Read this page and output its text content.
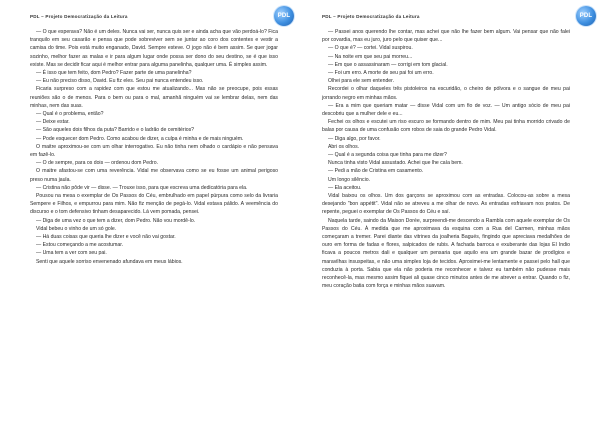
PDL – Projeto Democratização da Leitura	PDL

— O que esperava? Não é um deles. Nunca vai ser, nunca quis ser e ainda acha que vão perdoá-lo? Fica tranquilo em seu casarão e pensa que pode sobreviver sem se juntar ao coro dos contentes e vestir a camisa do time. Pois está muito enganado, David. Sempre esteve. O jogo não é bem assim. Se quer jogar sozinho, melhor fazer as malas e ir para algum lugar onde possa ser dono do seu destino, se é que isso existe. Mas se decidir ficar aqui é melhor entrar para alguma panelinha, qualquer uma. É simples assim.

— É isso que tem feito, dom Pedro? Fazer parte de uma panelinha?

— Eu não preciso disso, David. Eu fiz eles. Seu pai nunca entendeu isso.

Ficaria surpreso com a rapidez com que estou me atualizando... Mas não se preocupe, pois essas reuniões são o de menos. Para o bem ou para o mal, amanhã ninguém vai se lembrar delas, nem das minhas, nem das suas.

— Qual é o problema, então?

— Deixe estar.

— São aqueles dois filhos da puta? Barrido e o ladrão de cemitérios?

— Pode esquecer dom Pedro. Como acabou de dizer, a culpa é minha e de mais ninguém.

O maitre aproximou-se com um olhar interrogativo. Eu não tinha nem olhado o cardápio e não pensava em fazê-lo.

— O de sempre, para os dois — ordenou dom Pedro.

O maitre afastou-se com uma reverência. Vidal me observava como se eu fosse um animal perigoso preso numa jaula.

— Cristina não pôde vir — disse. — Trouxe isso, para que escreva uma dedicatória para ela.

Pousou na mesa o exemplar de Os Passos do Céu, embrulhado em papel púrpura como selo da livraria Sempere e Filhos, e empurrou para mim. Não fiz menção de pegá-lo. Vidal estava pálido. A veemência do discurso e o tom defensivo tinham desaparecido. Lá vem pomada, pensei.

— Diga de uma vez o que tem a dizer, dom Pedro. Não vou mordê-lo.

Vidal bebeu o vinho de um só gole.

— Há duas coisas que queria lhe dizer e você não vai gostar.

— Estou começando a me acostumar.

— Uma tem a ver com seu pai.

Senti que aquele sorriso envenenado afundava em meus lábios.

PDL – Projeto Democratização da Leitura	PDL

— Passei anos querendo lhe contar, mas achei que não lhe fazer bem algum. Vai pensar que não falei por covardia, mas eu juro, juro pelo que quiser que...

— O que é? — cortei. Vidal suspirou.

— Na noite em que seu pai morreu...

— Em que o assassinaram — corrigi em tom glacial.

— Foi um erro. A morte de seu pai foi um erro.

Olhei para ele sem entender.

Recordei o olhar daqueles três pistoleiros na escuridão, o cheiro de pólvora e o sangue de meu pai jorrando negro em minhas mãos.

— Era a mim que queriam matar — disse Vidal com um fio de voz. — Um antigo sócio de meu pai descobriu que a mulher dele e eu...

Fechei os olhos e escutei um riso escuro se formando dentro de mim. Meu pai tinha morrido crivado de balas por causa de uma confusão com robos de saia do grande Pedro Vidal.

— Diga algo, por favor.

Abri os olhos.

— Qual é a segunda coisa que tinha para me dizer?

Nunca tinha visto Vidal assustado. Achei que lhe caía bem.

— Pedi a mão de Cristina em casamento.

Um longo silêncio.

— Ela aceitou.

Vidal baixou os olhos. Um dos garçons se aproximou com as entradas. Colocou-as sobre a mesa desejando "bon appétit". Vidal não se atreveu a me olhar de novo. As entradas esfriavam nos pratos. De repente, peguei o exemplar de Os Passos do Céu e saí.

Naquela tarde, saindo da Maison Dorée, surpreendi-me descendo a Rambla com aquele exemplar de Os Passos do Céu. À medida que me aproximava da esquina com a Rua del Carmen, minhas mãos começaram a tremer. Parei diante das vitrines da joalheria Bagués, fingindo que apreciava medalhões de ouro em forma de fadas e flores, salpicados de rubis. A fachada barroca e exuberante das lojas El Indio ficava a poucos metros dali e qualquer um pensaria que aquilo era um grande bazar de prodígios e maravilhas insuspeitas, e não uma simples loja de tecidos. Aproximei-me lentamente e passei pelo hall que conduzia à porta. Sabia que ela não poderia me reconhecer e talvez eu também não pudesse mais reconhecê-la, mas mesmo assim fiquei ali quase cinco minutos antes de me atrever a entrar. Quando o fiz, meu coração batia com força e minhas mãos suavam.
